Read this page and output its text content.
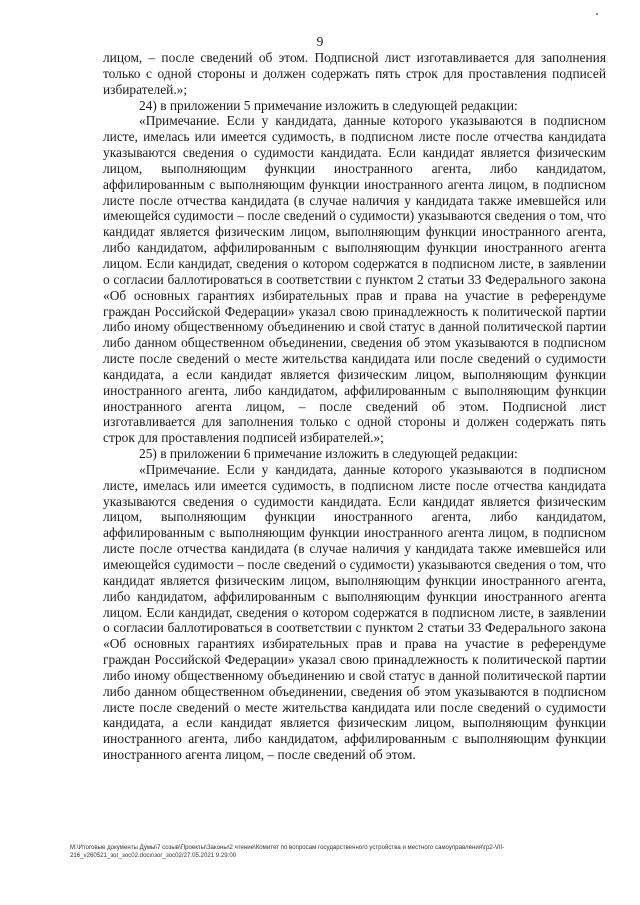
9

лицом, – после сведений об этом. Подписной лист изготавливается для заполнения только с одной стороны и должен содержать пять строк для проставления подписей избирателей.»;

24) в приложении 5 примечание изложить в следующей редакции:

«Примечание. Если у кандидата, данные которого указываются в подписном листе, имелась или имеется судимость, в подписном листе после отчества кандидата указываются сведения о судимости кандидата. Если кандидат является физическим лицом, выполняющим функции иностранного агента, либо кандидатом, аффилированным с выполняющим функции иностранного агента лицом, в подписном листе после отчества кандидата (в случае наличия у кандидата также имевшейся или имеющейся судимости – после сведений о судимости) указываются сведения о том, что кандидат является физическим лицом, выполняющим функции иностранного агента, либо кандидатом, аффилированным с выполняющим функции иностранного агента лицом. Если кандидат, сведения о котором содержатся в подписном листе, в заявлении о согласии баллотироваться в соответствии с пунктом 2 статьи 33 Федерального закона «Об основных гарантиях избирательных прав и права на участие в референдуме граждан Российской Федерации» указал свою принадлежность к политической партии либо иному общественному объединению и свой статус в данной политической партии либо данном общественном объединении, сведения об этом указываются в подписном листе после сведений о месте жительства кандидата или после сведений о судимости кандидата, а если кандидат является физическим лицом, выполняющим функции иностранного агента, либо кандидатом, аффилированным с выполняющим функции иностранного агента лицом, – после сведений об этом. Подписной лист изготавливается для заполнения только с одной стороны и должен содержать пять строк для проставления подписей избирателей.»;

25) в приложении 6 примечание изложить в следующей редакции:

«Примечание. Если у кандидата, данные которого указываются в подписном листе, имелась или имеется судимость, в подписном листе после отчества кандидата указываются сведения о судимости кандидата. Если кандидат является физическим лицом, выполняющим функции иностранного агента, либо кандидатом, аффилированным с выполняющим функции иностранного агента лицом, в подписном листе после отчества кандидата (в случае наличия у кандидата также имевшейся или имеющейся судимости – после сведений о судимости) указываются сведения о том, что кандидат является физическим лицом, выполняющим функции иностранного агента, либо кандидатом, аффилированным с выполняющим функции иностранного агента лицом. Если кандидат, сведения о котором содержатся в подписном листе, в заявлении о согласии баллотироваться в соответствии с пунктом 2 статьи 33 Федерального закона «Об основных гарантиях избирательных прав и права на участие в референдуме граждан Российской Федерации» указал свою принадлежность к политической партии либо иному общественному объединению и свой статус в данной политической партии либо данном общественном объединении, сведения об этом указываются в подписном листе после сведений о месте жительства кандидата или после сведений о судимости кандидата, а если кандидат является физическим лицом, выполняющим функции иностранного агента, либо кандидатом, аффилированным с выполняющим функции иностранного агента лицом, – после сведений об этом.

M:\Итоговые документы Думы\7 созыв\Проекты\Законы\2 чтение\Комитет по вопросам государственного устройства и местного самоуправления\гр2-VII-216_v260521_зог_зос02.docx\зог_зос02/27.05.2021 9:29:00
